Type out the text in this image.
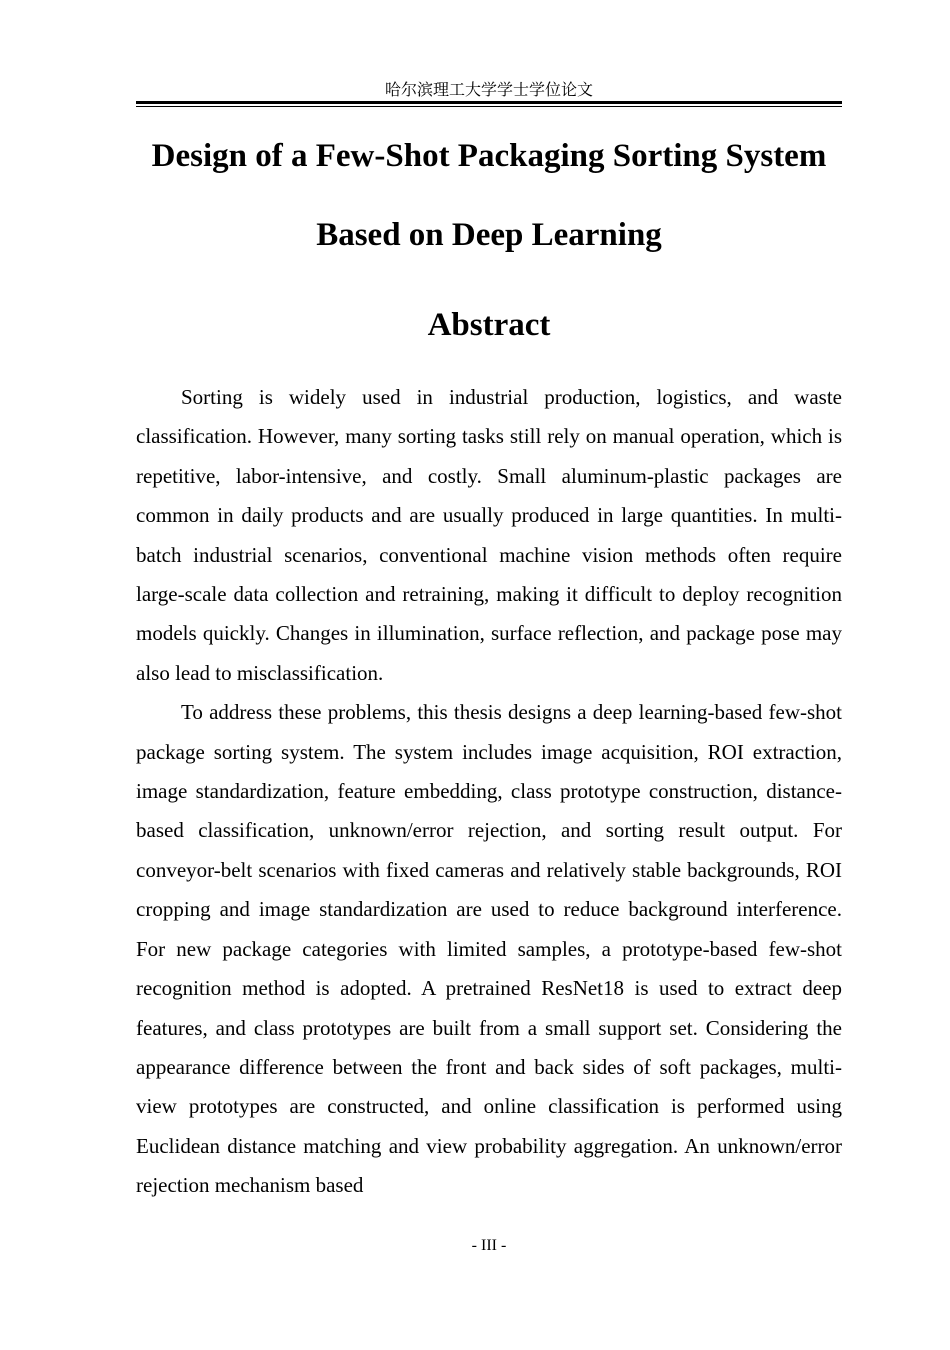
哈尔滨理工大学学士学位论文
Design of a Few-Shot Packaging Sorting System
Based on Deep Learning
Abstract

Sorting is widely used in industrial production, logistics, and waste classification. However, many sorting tasks still rely on manual operation, which is repetitive, labor-intensive, and costly. Small aluminum-plastic packages are common in daily products and are usually produced in large quantities. In multi-batch industrial scenarios, conventional machine vision methods often require large-scale data collection and retraining, making it difficult to deploy recognition models quickly. Changes in illumination, surface reflection, and package pose may also lead to misclassification.

To address these problems, this thesis designs a deep learning-based few-shot package sorting system. The system includes image acquisition, ROI extraction, image standardization, feature embedding, class prototype construction, distance-based classification, unknown/error rejection, and sorting result output. For conveyor-belt scenarios with fixed cameras and relatively stable backgrounds, ROI cropping and image standardization are used to reduce background interference. For new package categories with limited samples, a prototype-based few-shot recognition method is adopted. A pretrained ResNet18 is used to extract deep features, and class prototypes are built from a small support set. Considering the appearance difference between the front and back sides of soft packages, multi-view prototypes are constructed, and online classification is performed using Euclidean distance matching and view probability aggregation. An unknown/error rejection mechanism based

- III -
